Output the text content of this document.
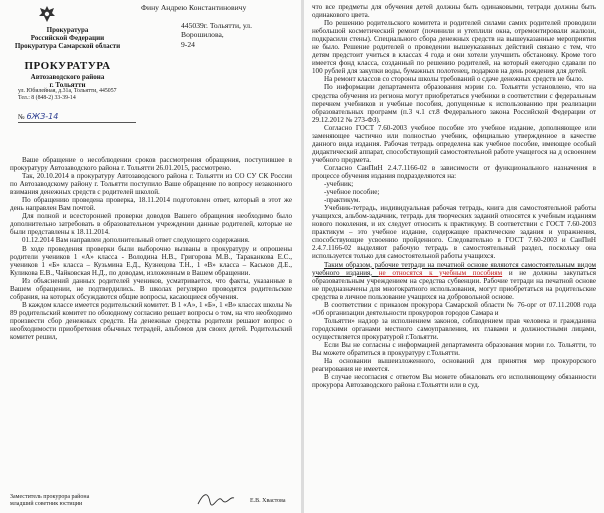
Прокуратура
Российской Федерации
Прокуратура Самарской области
ПРОКУРАТУРА
Автозаводского района
г. Тольятти
ул. Юбилейная, д.31а, Тольятти, 445057
Тел.: 8 (848-2) 33-39-14
№ 6ЖЗ-14
Фину Андрею Константиновичу
445039г. Тольятти, ул. Ворошилова,
9-24

Ваше обращение о несоблюдении сроков рассмотрения обращения, поступившее в прокуратуру Автозаводского района г. Тольятти 26.01.2015, рассмотрено.

Так, 20.10.2014 в прокуратуру Автозаводского района г. Тольятти из СО СУ СК России по Автозаводскому району г. Тольятти поступило Ваше обращение по вопросу незаконного взимания денежных средств с родителей школой.

По обращению проведена проверка, 18.11.2014 подготовлен ответ, который в этот же день направлен Вам почтой.

Для полной и всесторонней проверки доводов Вашего обращения необходимо было дополнительно затребовать в образовательном учреждении данные родителей, которые не были представлены к 18.11.2014.

01.12.2014 Вам направлен дополнительный ответ следующего содержания.

В ходе проведения проверки были выборочно вызваны в прокуратуру и опрошены родители учеников 1 «А» класса - Володина Н.В., Григорова М.В., Тараканкова Е.С., учеников 1 «Б» класса – Кузьмина Е.Д., Кузнецова Т.Н., 1 «В» класса – Каськов Д.Е., Куликова Е.В., Чайковская Н.Д., по доводам, изложенным в Вашем обращении.

Из объяснений данных родителей учеников, усматривается, что факты, указанные в Вашем обращении, не подтвердились. В школах регулярно проводятся родительские собрания, на которых обсуждаются общие вопросы, касающиеся обучения.

В каждом классе имеется родительский комитет. В 1 «А», 1 «Б», 1 «В» классах школы № 89 родительский комитет по обоюдному согласию решает вопросы о том, на что необходимо произвести сбор денежных средств. На денежные средства родители решают вопрос о необходимости приобретения обычных тетрадей, альбомов для своих детей. Родительский комитет решил,

Заместитель прокурора района
младший советник юстиции	Е.В. Хвастова

что все предметы для обучения детей должны быть одинаковыми, тетради должны быть одинакового цвета.

По решению родительского комитета и родителей силами самих родителей проводили небольшой косметический ремонт (починили и утеплили окна, отремонтировали жалюзи, подкрасили стены). Специального сбора денежных средств на вышеуказанные мероприятия не было. Решение родителей о проведении вышеуказанных действий связано с тем, что детям предстоит учиться в классах 4 года и они хотели улучшить обстановку. Кроме того имеется фонд класса, созданный по решению родителей, на который ежегодно сдавали по 100 рублей для закупки воды, бумажных полотенец, подарков на день рождения для детей.

На ремонт классов со стороны школы требований о сдаче денежных средств не было.

По информации департамента образования мэрии г.о. Тольятти установлено, что на средства обучения из региона могут приобретаться учебники в соответствии с федеральным перечнем учебников и учебные пособия, допущенные к использованию при реализации образовательных программ (п.3 ч.1 ст.8 Федерального закона Российской Федерации от 29.12.2012 № 273-ФЗ).

Согласно ГОСТ 7.60-2003 учебное пособие это учебное издание, дополняющее или заменяющее частично или полностью учебник, официально утвержденное в качестве данного вида издания. Рабочая тетрадь определена как учебное пособие, имеющее особый дидактический аппарат, способствующий самостоятельной работе учащегося на д освоением учебного предмета.

Согласно СанПиН 2.4.7.1166-02 в зависимости от функционального назначения в процессе обучения издания подразделяются на:

-учебник;

-учебное пособие;

-практикум.

Учебник-тетрадь, индивидуальная рабочая тетрадь, книга для самостоятельной работы учащихся, альбом-задачник, тетрадь для творческих заданий относятся к учебным изданиям нового поколения, и их следует относить к практикуму. В соответствии с ГОСТ 7.60-2003 практикум – это учебное издание, содержащее практические задания и упражнения, способствующие усвоению пройденного. Следовательно в ГОСТ 7.60-2003 и СанПиН 2.4.7.1166-02 выделяют рабочую тетрадь в самостоятельный раздел, поскольку она используется только для самостоятельной работы учащихся.

Таким образом, рабочие тетради на печатной основе являются самостоятельным видом учебного издания, не относятся к учебным пособиям и не должны закупаться образовательным учреждением на средства субвенции. Рабочие тетради на печатной основе не предназначены для многократного использования, могут приобретаться на родительские средства в личное пользование учащихся на добровольной основе.

В соответствии с приказом прокурора Самарской области № 76-орг от 07.11.2008 года «Об организации деятельности прокуроров городов Самара и

Тольятти» надзор за исполнением законов, соблюдением прав человека и гражданина городскими органами местного самоуправления, их главами и должностными лицами, осуществляется прокуратурой г.Тольятти.

Если Вы не согласны с информацией департамента образования мэрии г.о. Тольятти, то Вы можете обратиться в прокуратуру г.Тольятти.

На основании вышеизложенного, оснований для принятия мер прокурорского реагирования не имеется.

В случае несогласия с ответом Вы можете обжаловать его исполняющему обязанности прокурора Автозаводского района г.Тольятти или в суд.
